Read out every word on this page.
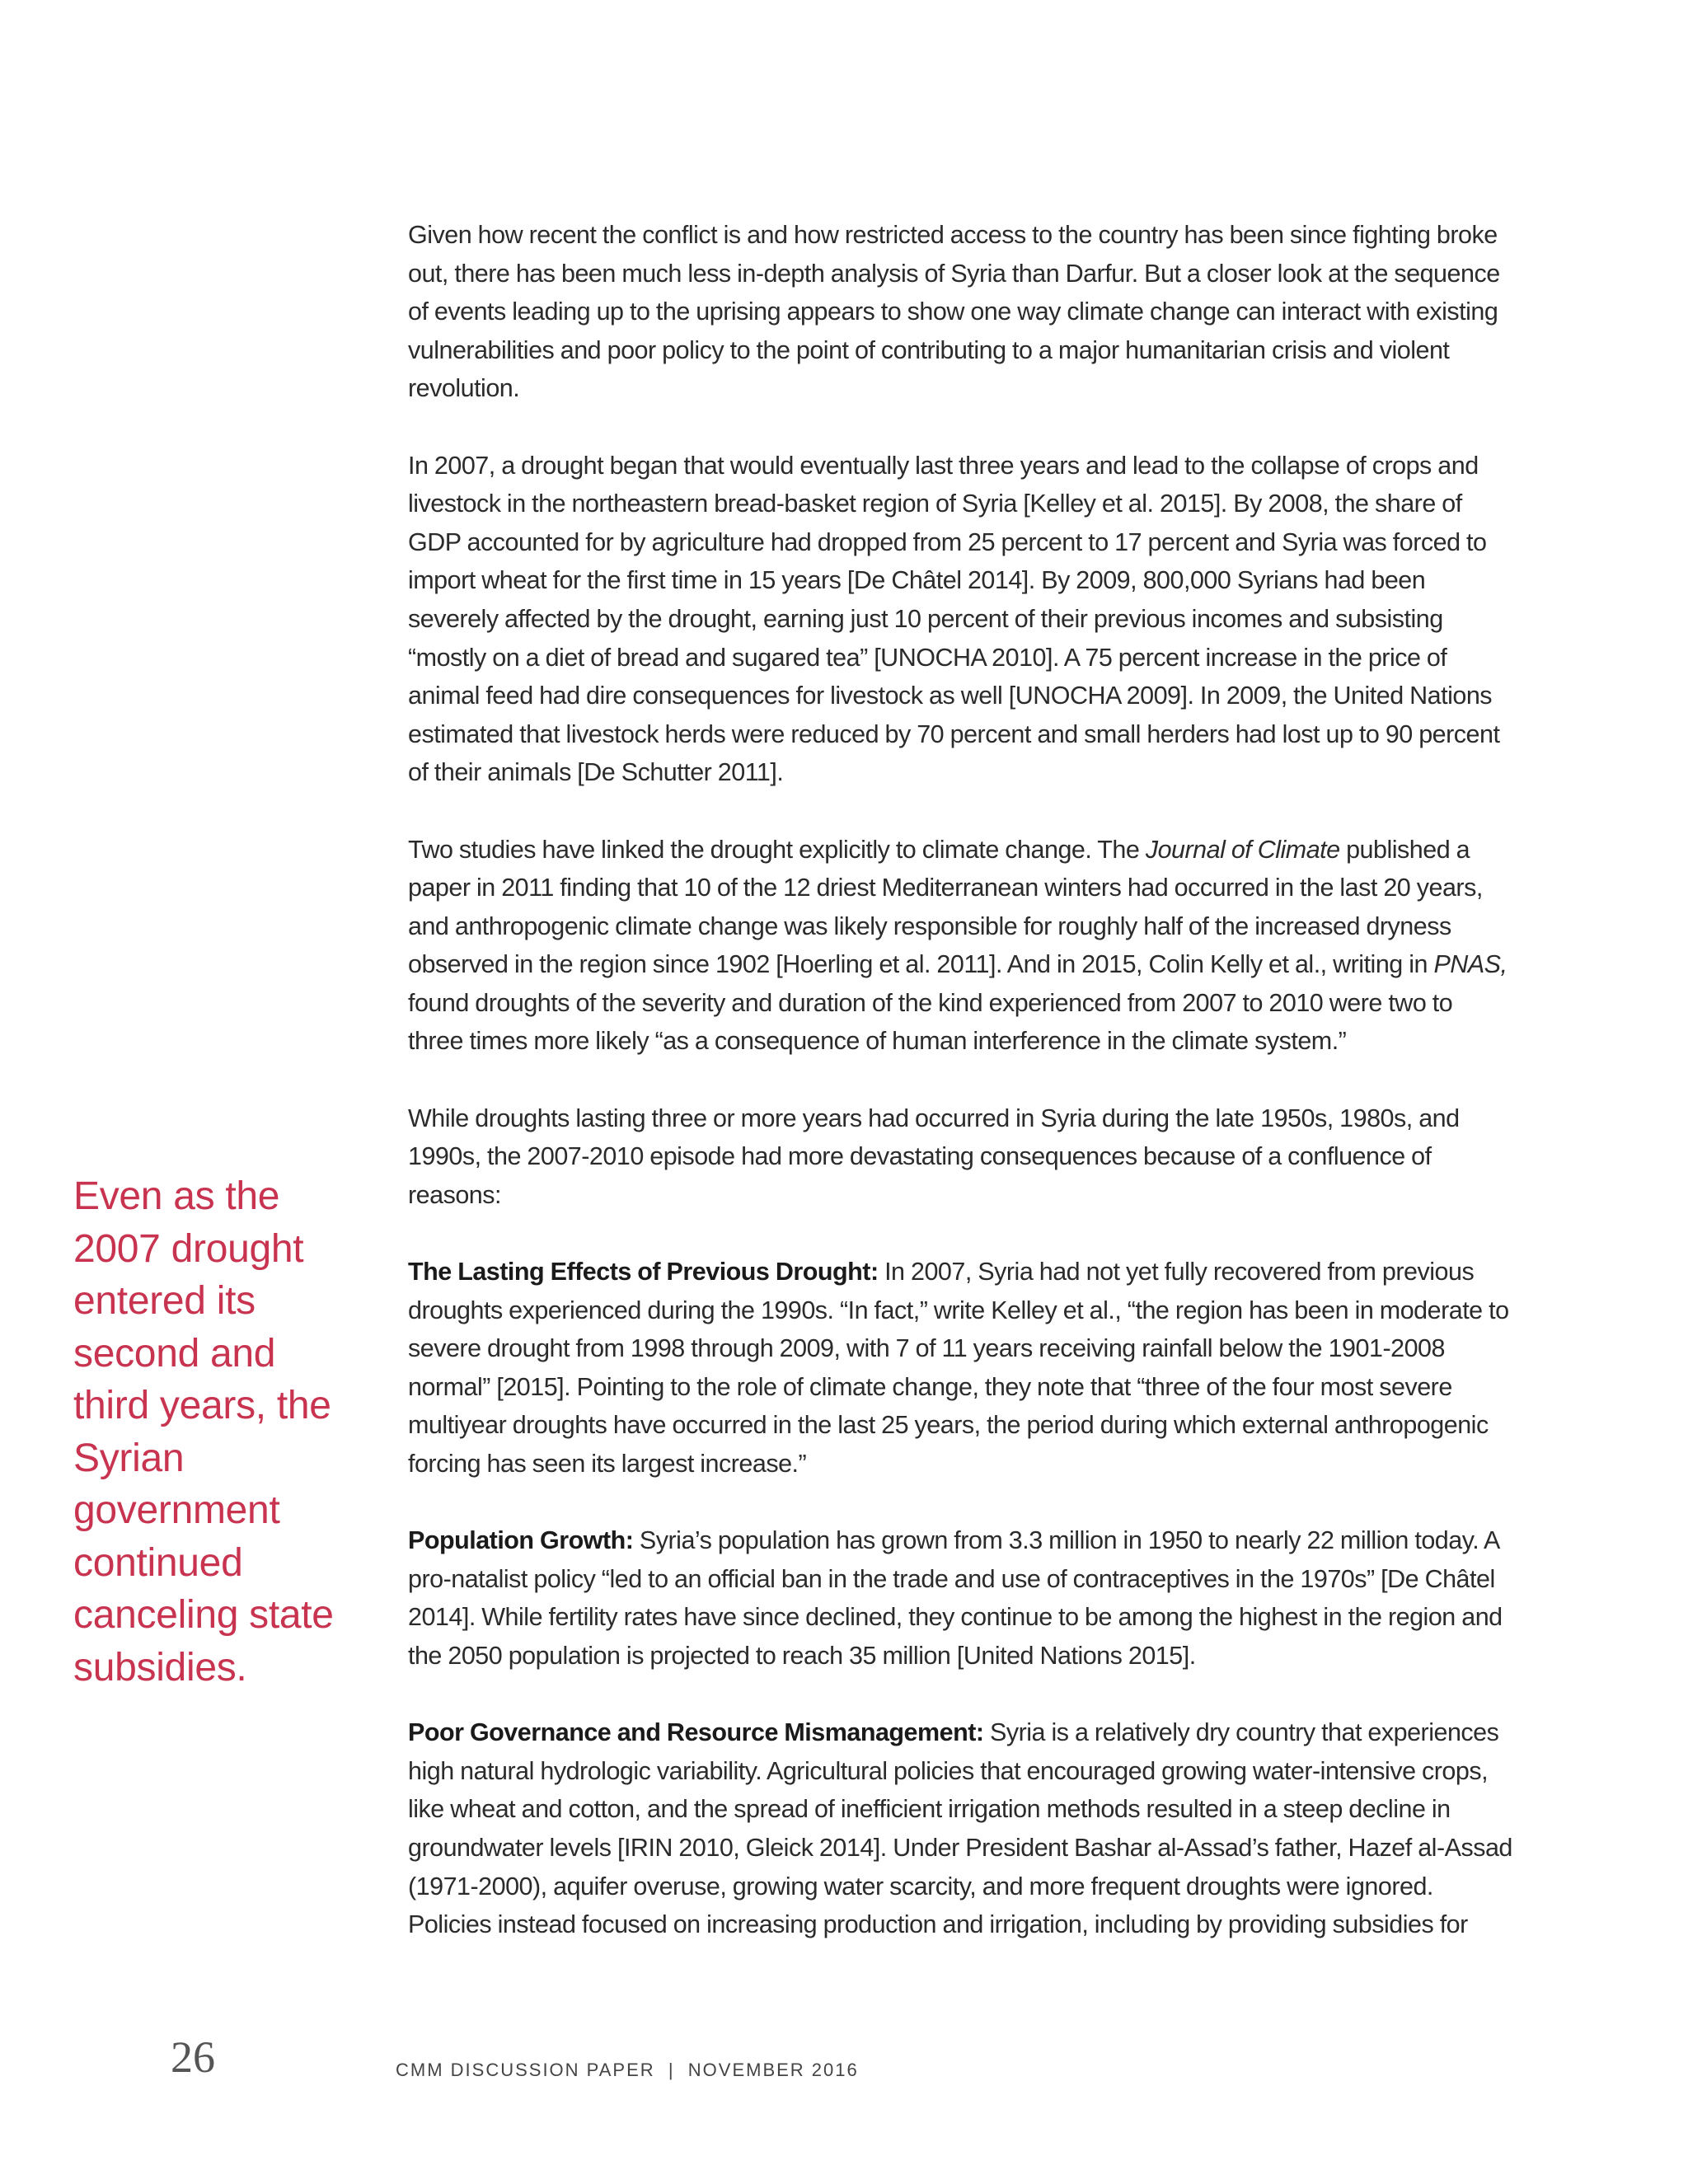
Given how recent the conflict is and how restricted access to the country has been since fighting broke out, there has been much less in-depth analysis of Syria than Darfur. But a closer look at the sequence of events leading up to the uprising appears to show one way climate change can interact with existing vulnerabilities and poor policy to the point of contributing to a major humanitarian crisis and violent revolution.

In 2007, a drought began that would eventually last three years and lead to the collapse of crops and livestock in the northeastern bread-basket region of Syria [Kelley et al. 2015]. By 2008, the share of GDP accounted for by agriculture had dropped from 25 percent to 17 percent and Syria was forced to import wheat for the first time in 15 years [De Châtel 2014]. By 2009, 800,000 Syrians had been severely affected by the drought, earning just 10 percent of their previous incomes and subsisting “mostly on a diet of bread and sugared tea” [UNOCHA 2010]. A 75 percent increase in the price of animal feed had dire consequences for livestock as well [UNOCHA 2009]. In 2009, the United Nations estimated that livestock herds were reduced by 70 percent and small herders had lost up to 90 percent of their animals [De Schutter 2011].

Two studies have linked the drought explicitly to climate change. The Journal of Climate published a paper in 2011 finding that 10 of the 12 driest Mediterranean winters had occurred in the last 20 years, and anthropogenic climate change was likely responsible for roughly half of the increased dryness observed in the region since 1902 [Hoerling et al. 2011]. And in 2015, Colin Kelly et al., writing in PNAS, found droughts of the severity and duration of the kind experienced from 2007 to 2010 were two to three times more likely “as a consequence of human interference in the climate system.”

While droughts lasting three or more years had occurred in Syria during the late 1950s, 1980s, and 1990s, the 2007-2010 episode had more devastating consequences because of a confluence of reasons:

The Lasting Effects of Previous Drought: In 2007, Syria had not yet fully recovered from previous droughts experienced during the 1990s. “In fact,” write Kelley et al., “the region has been in moderate to severe drought from 1998 through 2009, with 7 of 11 years receiving rainfall below the 1901-2008 normal” [2015]. Pointing to the role of climate change, they note that “three of the four most severe multiyear droughts have occurred in the last 25 years, the period during which external anthropogenic forcing has seen its largest increase.”

Population Growth: Syria’s population has grown from 3.3 million in 1950 to nearly 22 million today. A pro-natalist policy “led to an official ban in the trade and use of contraceptives in the 1970s” [De Châtel 2014]. While fertility rates have since declined, they continue to be among the highest in the region and the 2050 population is projected to reach 35 million [United Nations 2015].

Poor Governance and Resource Mismanagement: Syria is a relatively dry country that experiences high natural hydrologic variability. Agricultural policies that encouraged growing water-intensive crops, like wheat and cotton, and the spread of inefficient irrigation methods resulted in a steep decline in groundwater levels [IRIN 2010, Gleick 2014]. Under President Bashar al-Assad’s father, Hazef al-Assad (1971-2000), aquifer overuse, growing water scarcity, and more frequent droughts were ignored. Policies instead focused on increasing production and irrigation, including by providing subsidies for

Even as the 2007 drought entered its second and third years, the Syrian government continued canceling state subsidies.
26	CMM DISCUSSION PAPER  |  NOVEMBER 2016
